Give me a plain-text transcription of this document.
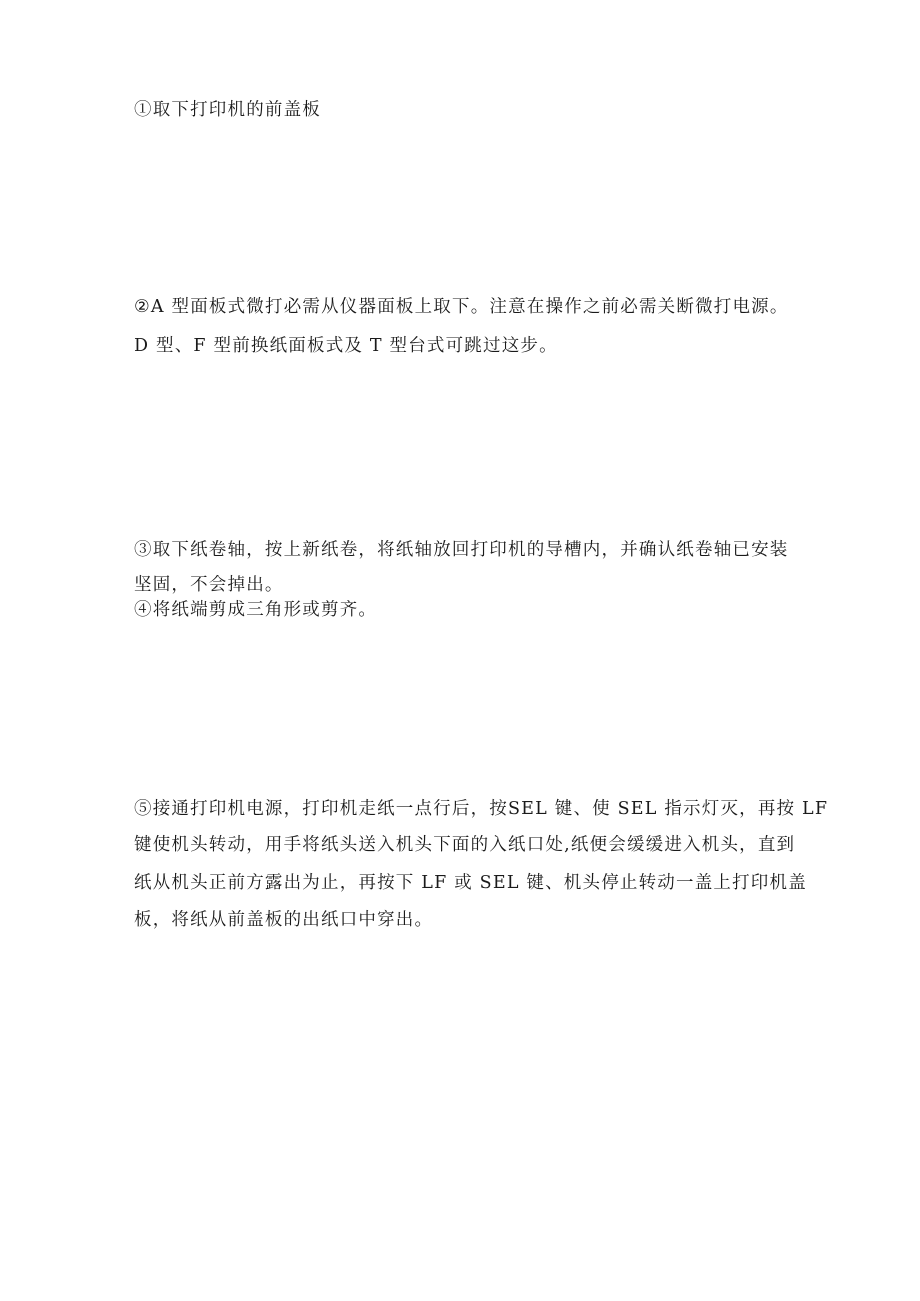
①取下打印机的前盖板
②A 型面板式微打必需从仪器面板上取下。注意在操作之前必需关断微打电源。
D 型、F 型前换纸面板式及 T 型台式可跳过这步。
③取下纸卷轴，按上新纸卷，将纸轴放回打印机的导槽内，并确认纸卷轴已安装
坚固，不会掉出。
④将纸端剪成三角形或剪齐。
⑤接通打印机电源，打印机走纸一点行后，按SEL 键、使 SEL 指示灯灭，再按 LF
键使机头转动，用手将纸头送入机头下面的入纸口处,纸便会缓缓进入机头，直到
纸从机头正前方露出为止，再按下 LF 或 SEL 键、机头停止转动一盖上打印机盖
板，将纸从前盖板的出纸口中穿出。
